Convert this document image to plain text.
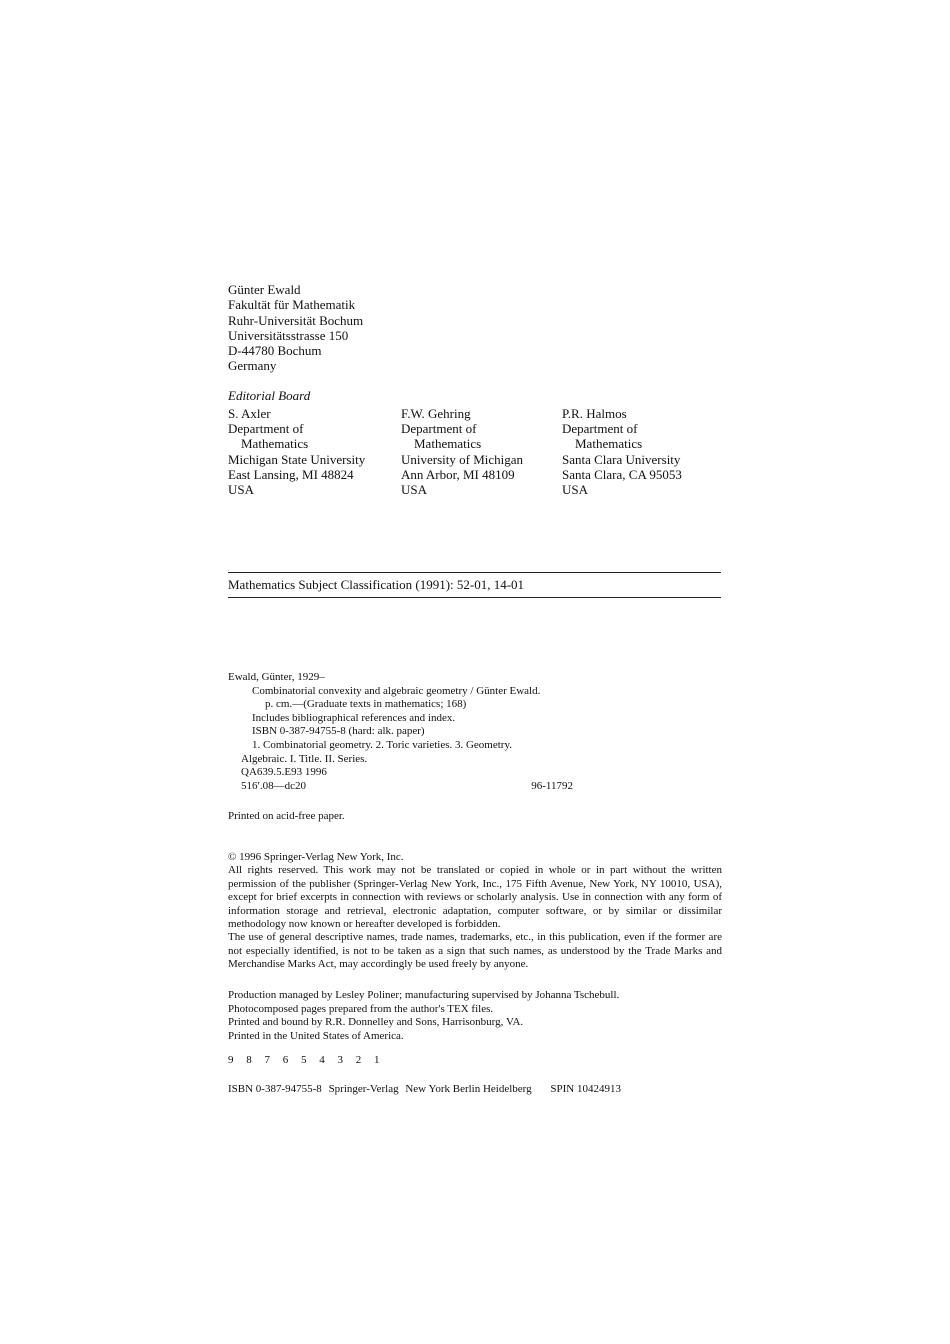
Günter Ewald
Fakultät für Mathematik
Ruhr-Universität Bochum
Universitätsstrasse 150
D-44780 Bochum
Germany
Editorial Board
S. Axler
Department of
Mathematics
Michigan State University
East Lansing, MI 48824
USA
F.W. Gehring
Department of
Mathematics
University of Michigan
Ann Arbor, MI 48109
USA
P.R. Halmos
Department of
Mathematics
Santa Clara University
Santa Clara, CA 95053
USA
Mathematics Subject Classification (1991): 52-01, 14-01
Ewald, Günter, 1929–
Combinatorial convexity and algebraic geometry / Günter Ewald.
p. cm.—(Graduate texts in mathematics; 168)
Includes bibliographical references and index.
ISBN 0-387-94755-8 (hard: alk. paper)
1. Combinatorial geometry. 2. Toric varieties. 3. Geometry.
Algebraic. I. Title. II. Series.
QA639.5.E93 1996
516′.08—dc20	96-11792
Printed on acid-free paper.

© 1996 Springer-Verlag New York, Inc.

All rights reserved. This work may not be translated or copied in whole or in part without the written permission of the publisher (Springer-Verlag New York, Inc., 175 Fifth Avenue, New York, NY 10010, USA), except for brief excerpts in connection with reviews or scholarly analysis. Use in connection with any form of information storage and retrieval, electronic adaptation, computer software, or by similar or dissimilar methodology now known or hereafter developed is forbidden.

The use of general descriptive names, trade names, trademarks, etc., in this publication, even if the former are not especially identified, is not to be taken as a sign that such names, as understood by the Trade Marks and Merchandise Marks Act, may accordingly be used freely by anyone.

Production managed by Lesley Poliner; manufacturing supervised by Johanna Tschebull.
Photocomposed pages prepared from the author's TEX files.
Printed and bound by R.R. Donnelley and Sons, Harrisonburg, VA.
Printed in the United States of America.
9 8 7 6 5 4 3 2 1
ISBN 0-387-94755-8 Springer-Verlag New York Berlin Heidelberg SPIN 10424913
